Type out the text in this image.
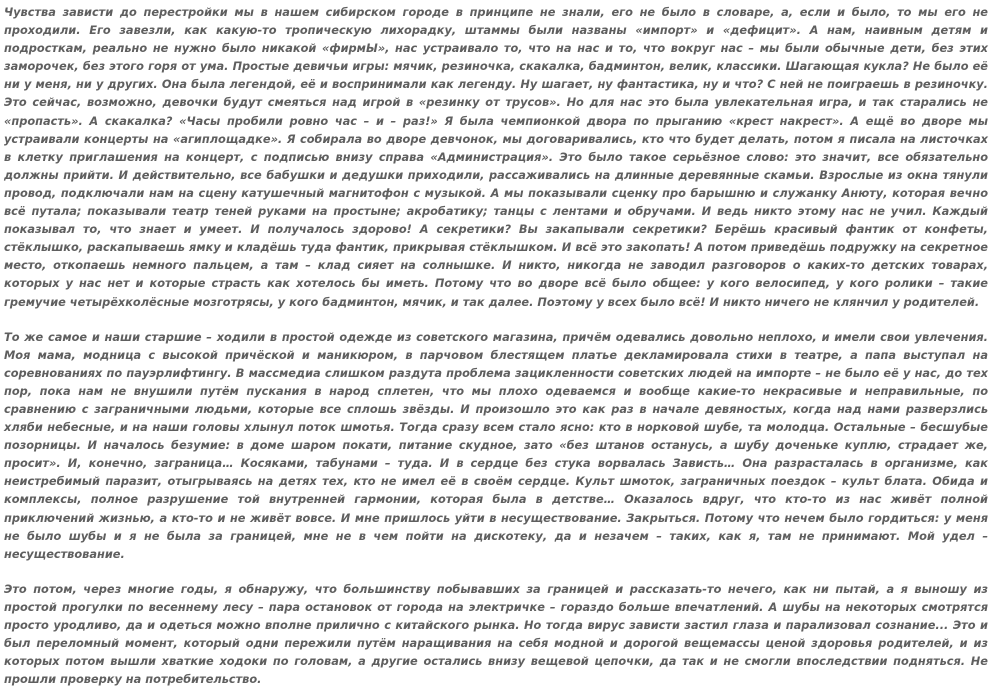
Чувства зависти до перестройки мы в нашем сибирском городе в принципе не знали, его не было в словаре, а, если и было, то мы его не проходили. Его завезли, как какую-то тропическую лихорадку, штаммы были названы «импорт» и «дефицит». А нам, наивным детям и подросткам, реально не нужно было никакой «фирмЫ», нас устраивало то, что на нас и то, что вокруг нас – мы были обычные дети, без этих заморочек, без этого горя от ума. Простые девичьи игры: мячик, резиночка, скакалка, бадминтон, велик, классики. Шагающая кукла? Не было её ни у меня, ни у других. Она была легендой, её и воспринимали как легенду. Ну шагает, ну фантастика, ну и что? С ней не поиграешь в резиночку. Это сейчас, возможно, девочки будут смеяться над игрой в «резинку от трусов». Но для нас это была увлекательная игра, и так старались не «пропасть». А скакалка? «Часы пробили ровно час – и – раз!» Я была чемпионкой двора по прыганию «крест накрест». А ещё во дворе мы устраивали концерты на «агиплощадке». Я собирала во дворе девчонок, мы договаривались, кто что будет делать, потом я писала на листочках в клетку приглашения на концерт, с подписью внизу справа «Администрация». Это было такое серьёзное слово: это значит, все обязательно должны прийти. И действительно, все бабушки и дедушки приходили, рассаживались на длинные деревянные скамьи. Взрослые из окна тянули провод, подключали нам на сцену катушечный магнитофон с музыкой. А мы показывали сценку про барышню и служанку Анюту, которая вечно всё путала; показывали театр теней руками на простыне; акробатику; танцы с лентами и обручами. И ведь никто этому нас не учил. Каждый показывал то, что знает и умеет. И получалось здорово! А секретики? Вы закапывали секретики? Берёшь красивый фантик от конфеты, стёклышко, раскапываешь ямку и кладёшь туда фантик, прикрывая стёклышком. И всё это закопать! А потом приведёшь подружку на секретное место, откопаешь немного пальцем, а там – клад сияет на солнышке. И никто, никогда не заводил разговоров о каких-то детских товарах, которых у нас нет и которые страсть как хотелось бы иметь. Потому что во дворе всё было общее: у кого велосипед, у кого ролики – такие гремучие четырёхколёсные мозготрясы, у кого бадминтон, мячик, и так далее. Поэтому у всех было всё! И никто ничего не клянчил у родителей.

То же самое и наши старшие – ходили в простой одежде из советского магазина, причём одевались довольно неплохо, и имели свои увлечения. Моя мама, модница с высокой причёской и маникюром, в парчовом блестящем платье декламировала стихи в театре, а папа выступал на соревнованиях по пауэрлифтингу. В массмедиа слишком раздута проблема зацикленности советских людей на импорте – не было её у нас, до тех пор, пока нам не внушили путём пускания в народ сплетен, что мы плохо одеваемся и вообще какие-то некрасивые и неправильные, по сравнению с заграничными людьми, которые все сплошь звёзды. И произошло это как раз в начале девяностых, когда над нами разверзлись хляби небесные, и на наши головы хлынул поток шмотья. Тогда сразу всем стало ясно: кто в норковой шубе, та молодца. Остальные – бесшубые позорницы. И началось безумие: в доме шаром покати, питание скудное, зато «без штанов останусь, а шубу доченьке куплю, страдает же, просит». И, конечно, заграница… Косяками, табунами – туда. И в сердце без стука ворвалась Зависть… Она разрасталась в организме, как неистребимый паразит, отыгрываясь на детях тех, кто не имел её в своём сердце. Культ шмоток, заграничных поездок – культ блата. Обида и комплексы, полное разрушение той внутренней гармонии, которая была в детстве… Оказалось вдруг, что кто-то из нас живёт полной приключений жизнью, а кто-то и не живёт вовсе. И мне пришлось уйти в несуществование. Закрыться. Потому что нечем было гордиться: у меня не было шубы и я не была за границей, мне не в чем пойти на дискотеку, да и незачем – таких, как я, там не принимают. Мой удел – несуществование.

Это потом, через многие годы, я обнаружу, что большинству побывавших за границей и рассказать-то нечего, как ни пытай, а я выношу из простой прогулки по весеннему лесу – пара остановок от города на электричке – гораздо больше впечатлений. А шубы на некоторых смотрятся просто уродливо, да и одеться можно вполне прилично с китайского рынка. Но тогда вирус зависти застил глаза и парализовал сознание... Это и был переломный момент, который одни пережили путём наращивания на себя модной и дорогой вещемассы ценой здоровья родителей, и из которых потом вышли хваткие ходоки по головам, а другие остались внизу вещевой цепочки, да так и не смогли впоследствии подняться. Не прошли проверку на потребительство.
